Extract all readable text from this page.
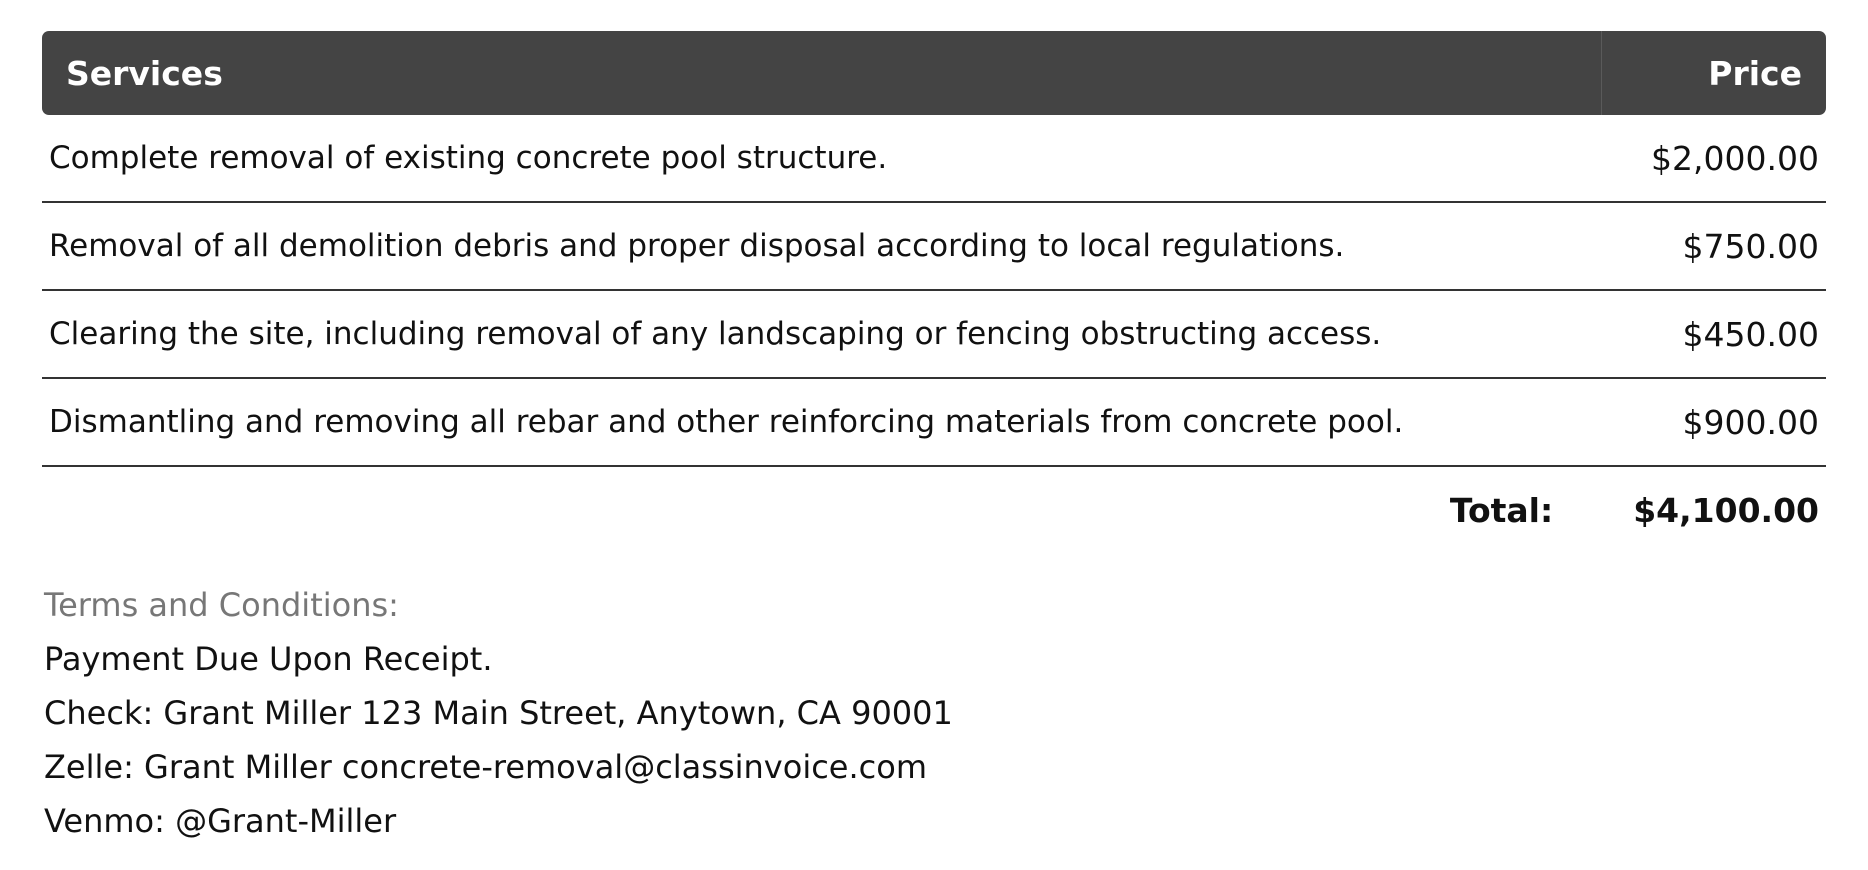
Services	Price
Complete removal of existing concrete pool structure.	$2,000.00
Removal of all demolition debris and proper disposal according to local regulations.	$750.00
Clearing the site, including removal of any landscaping or fencing obstructing access.	$450.00
Dismantling and removing all rebar and other reinforcing materials from concrete pool.	$900.00
Total: $4,100.00
Terms and Conditions:
Payment Due Upon Receipt.
Check: Grant Miller 123 Main Street, Anytown, CA 90001
Zelle: Grant Miller concrete-removal@classinvoice.com
Venmo: @Grant-Miller
